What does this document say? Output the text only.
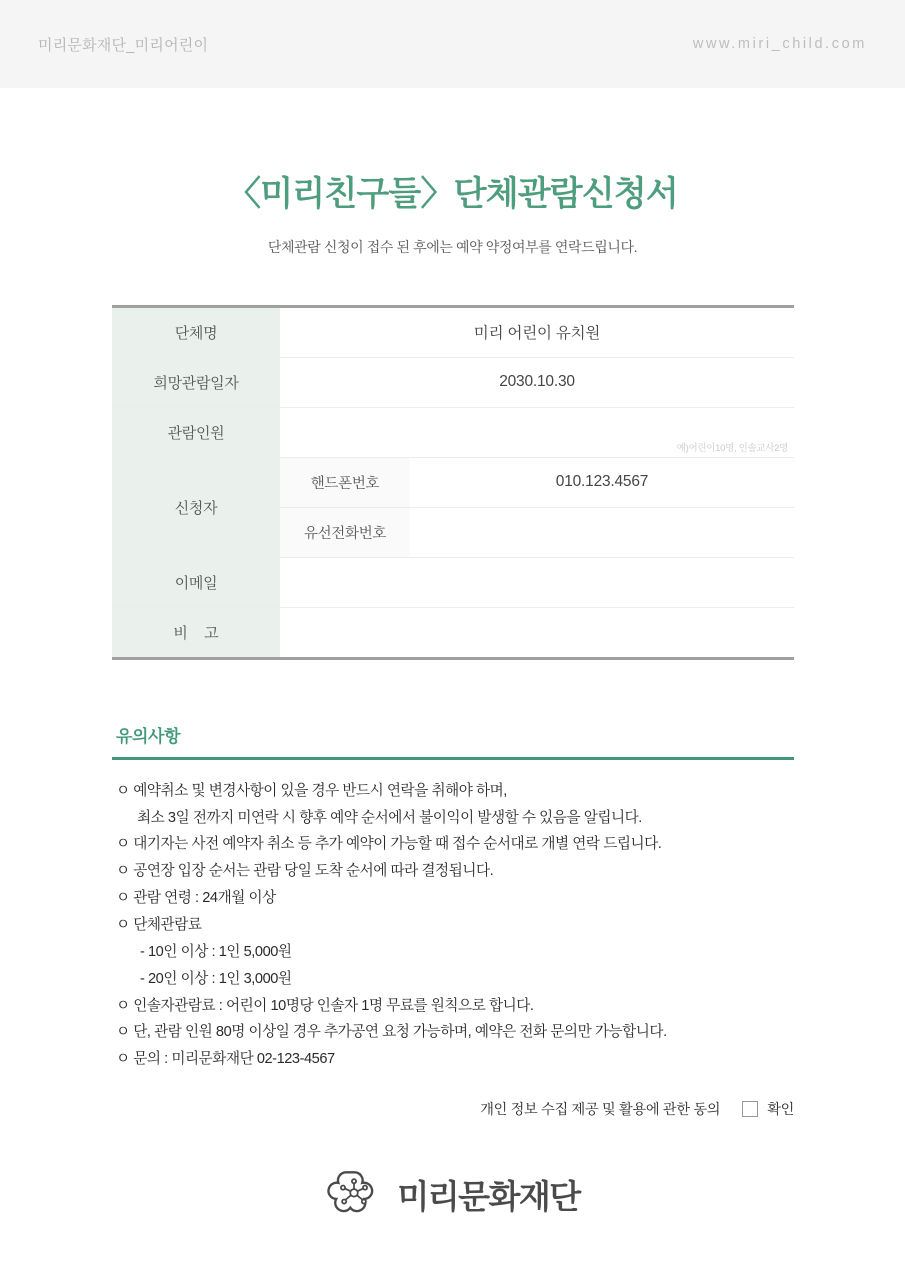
미리문화재단_미리어린이	www.miri_child.com
〈미리친구들〉단체관람신청서

단체관람 신청이 접수 된 후에는 예약 약정여부를 연락드립니다.

단체명	미리 어린이 유치원
희망관람일자	2030.10.30
관람인원
예)어린이10명, 인솔교사2명
신청자
핸드폰번호	010.123.4567
유선전화번호
이메일
비 고
유의사항
ㅇ 예약취소 및 변경사항이 있을 경우 반드시 연락을 취해야 하며,
최소 3일 전까지 미연락 시 향후 예약 순서에서 불이익이 발생할 수 있음을 알립니다.
ㅇ 대기자는 사전 예약자 취소 등 추가 예약이 가능할 때 접수 순서대로 개별 연락 드립니다.
ㅇ 공연장 입장 순서는 관람 당일 도착 순서에 따라 결정됩니다.
ㅇ 관람 연령 : 24개월 이상
ㅇ 단체관람료
- 10인 이상 : 1인 5,000원
- 20인 이상 : 1인 3,000원
ㅇ 인솔자관람료 : 어린이 10명당 인솔자 1명 무료를 원칙으로 합니다.
ㅇ 단, 관람 인원 80명 이상일 경우 추가공연 요청 가능하며, 예약은 전화 문의만 가능합니다.
ㅇ 문의 : 미리문화재단 02-123-4567
개인 정보 수집 제공 및 활용에 관한 동의	확인
미리문화재단
